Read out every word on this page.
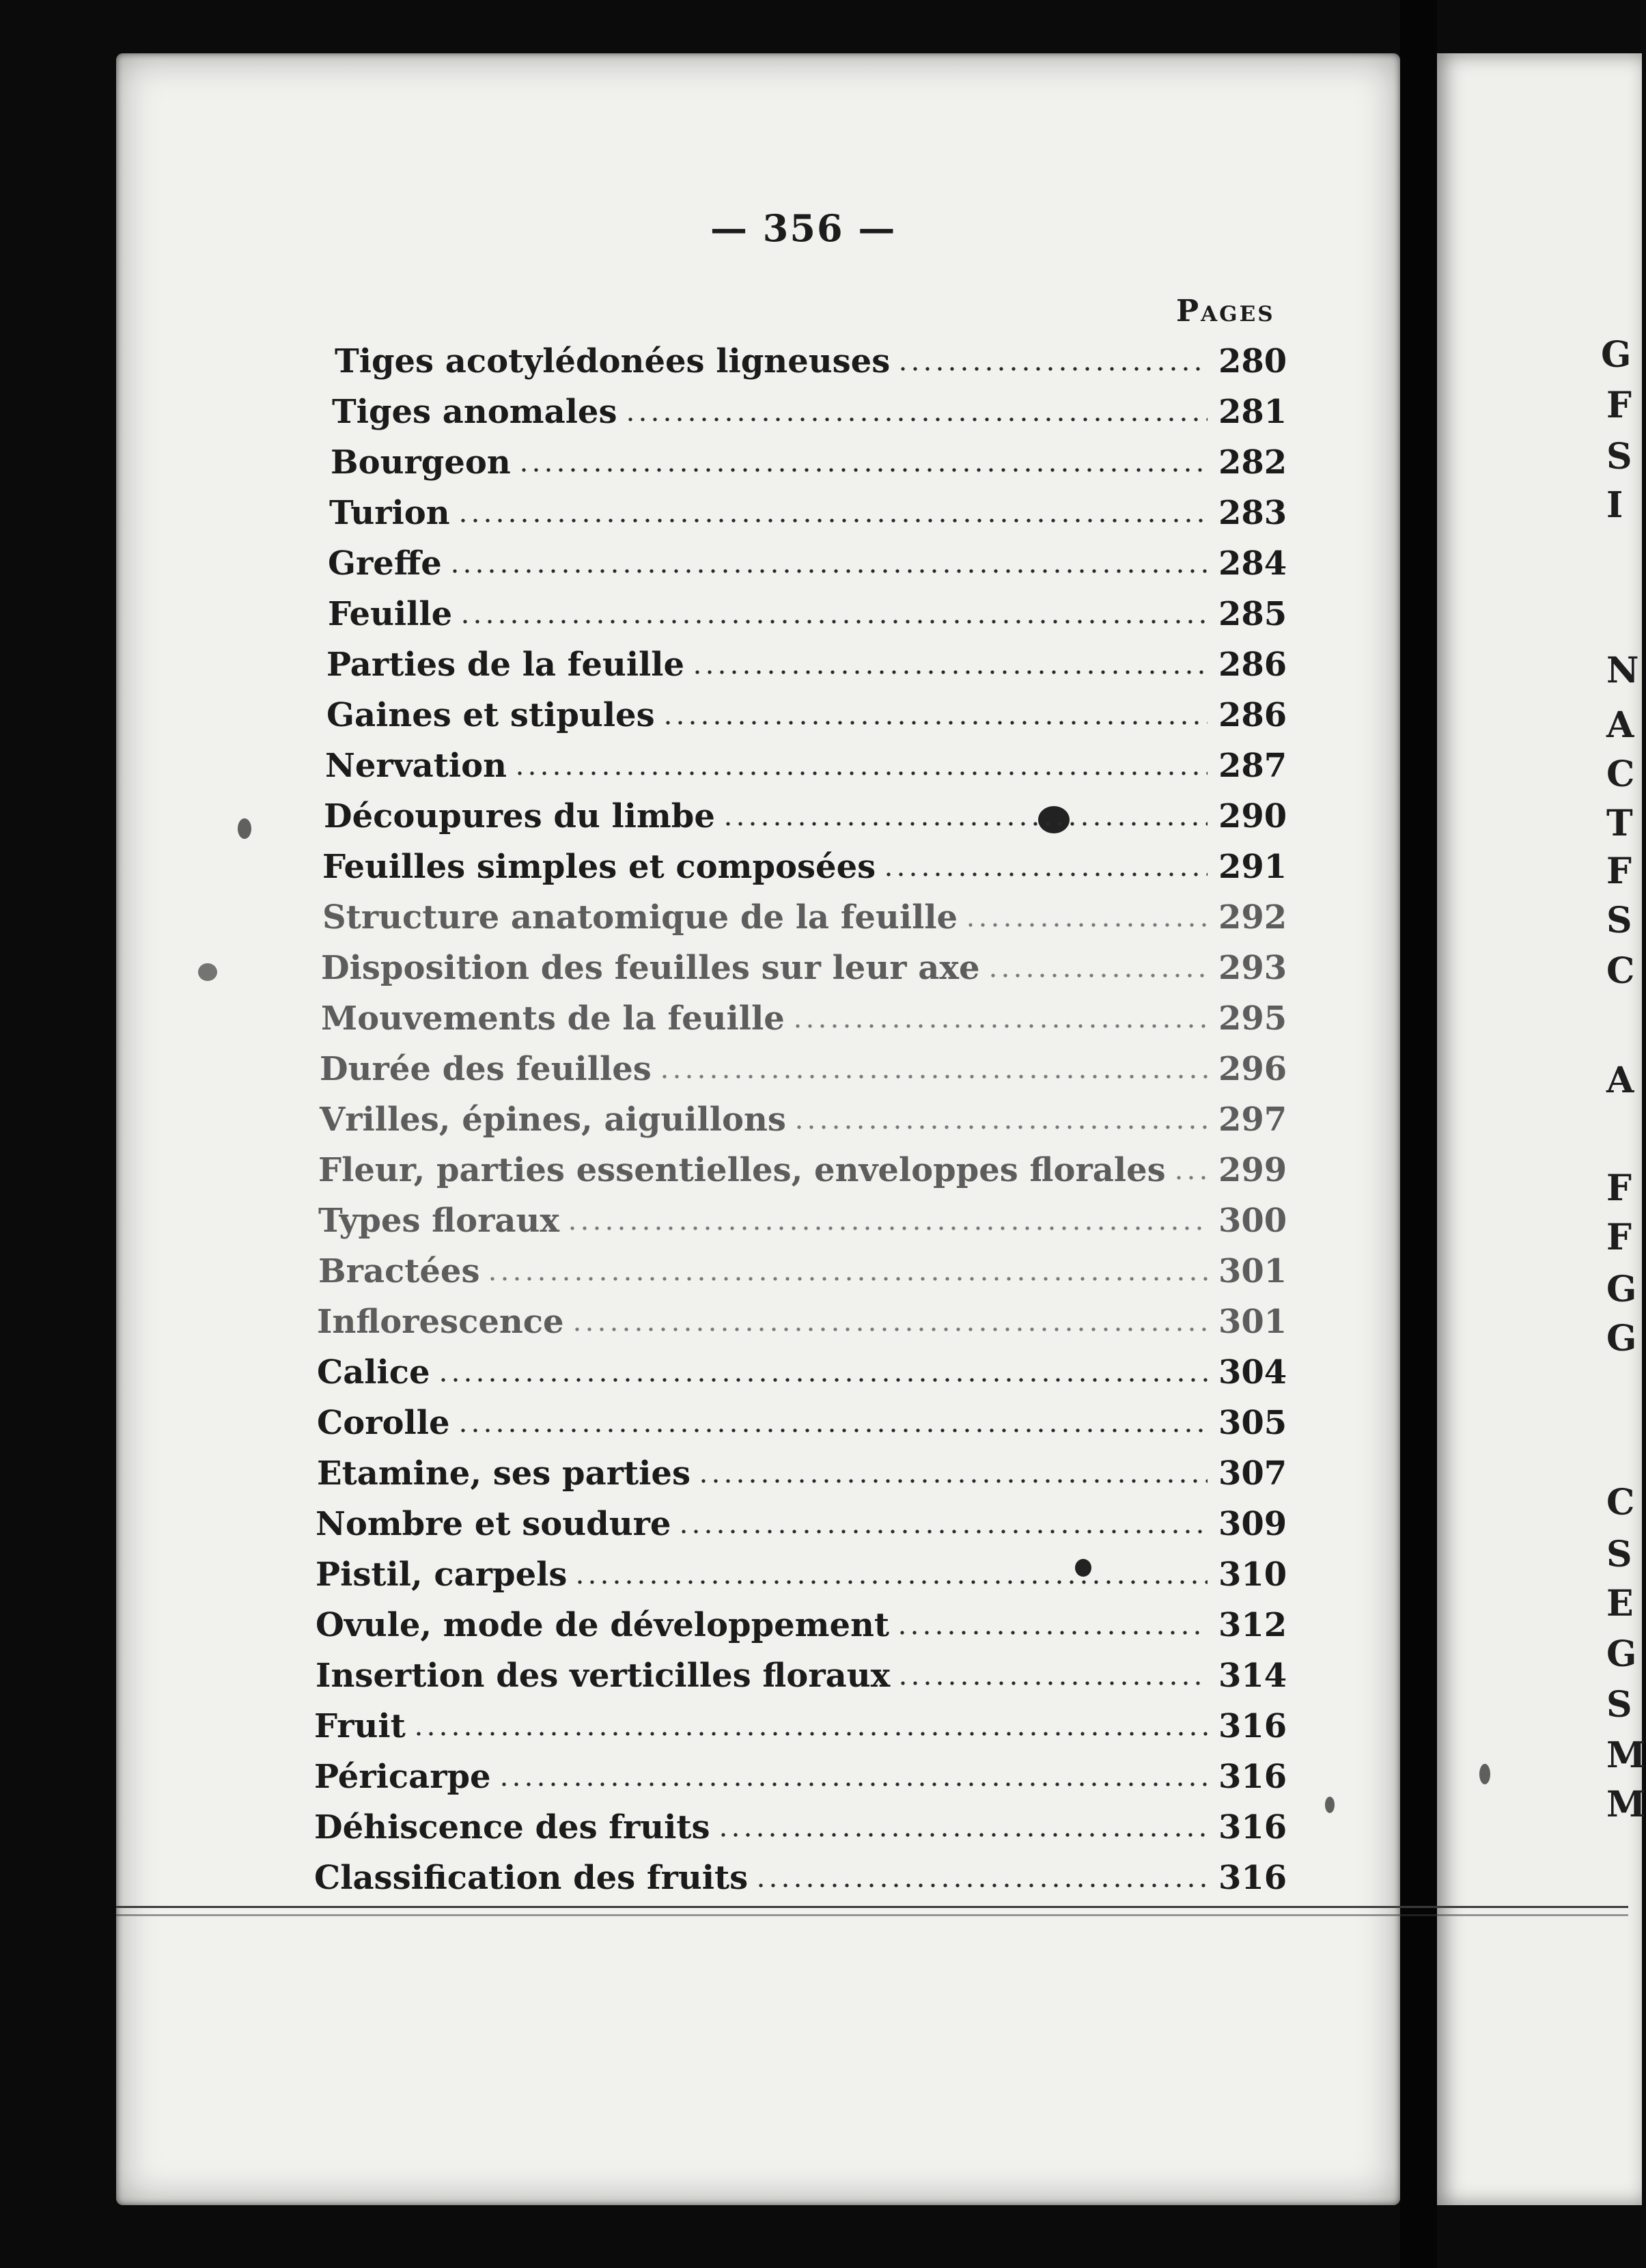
G
F
S
I
N
A
C
T
F
S
C
A
F
F
G
G
C
S
E
G
S
M
M
— 356 —
Pages
Tiges acotylédonées ligneuses	280
Tiges anomales	281
Bourgeon	282
Turion	283
Greffe	284
Feuille	285
Parties de la feuille	286
Gaines et stipules	286
Nervation	287
Découpures du limbe	290
Feuilles simples et composées	291
Structure anatomique de la feuille	292
Disposition des feuilles sur leur axe	293
Mouvements de la feuille	295
Durée des feuilles	296
Vrilles, épines, aiguillons	297
Fleur, parties essentielles, enveloppes florales 299
Types floraux	300
Bractées	301
Inflorescence	301
Calice	304
Corolle	305
Etamine, ses parties	307
Nombre et soudure	309
Pistil, carpels	310
Ovule, mode de développement	312
Insertion des verticilles floraux	314
Fruit	316
Péricarpe	316
Déhiscence des fruits	316
Classification des fruits	316
